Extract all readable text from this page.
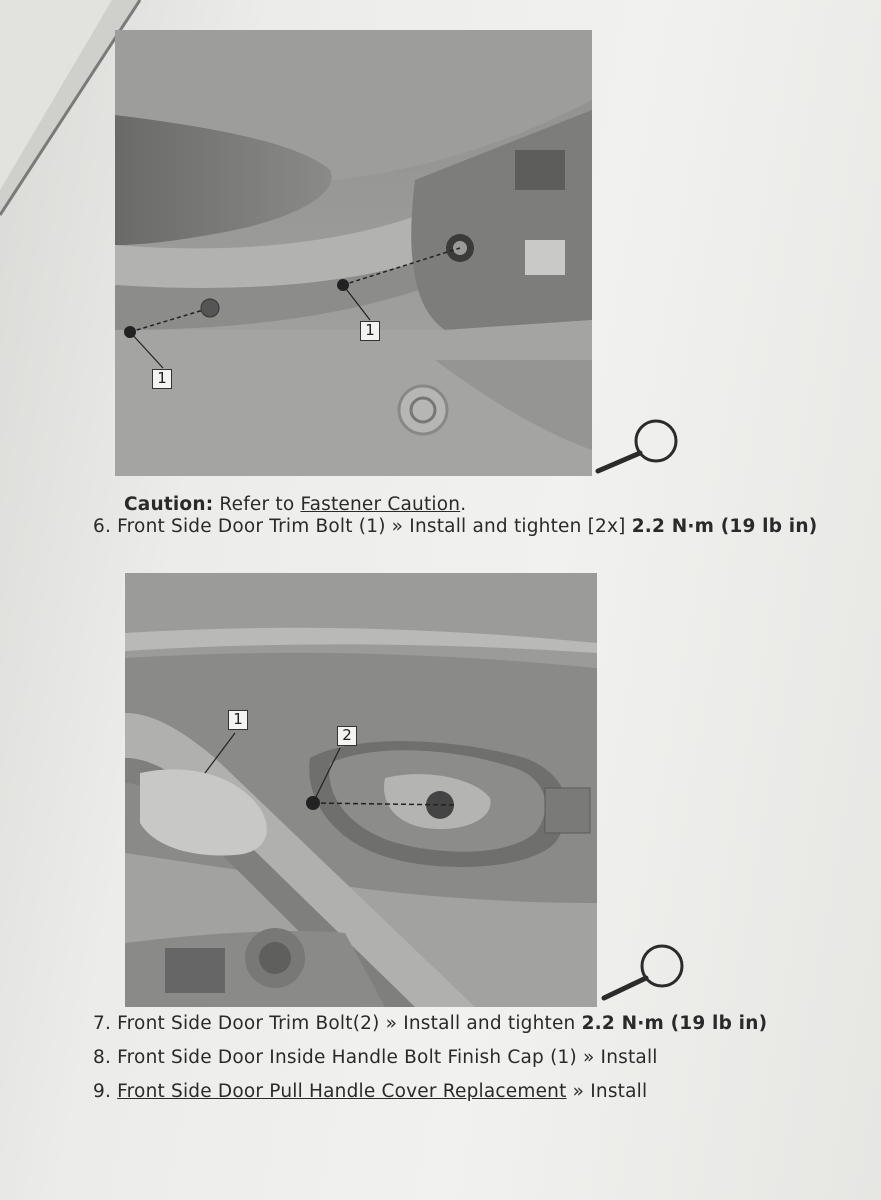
1
1
Caution: Refer to Fastener Caution.
6. Front Side Door Trim Bolt (1) » Install and tighten [2x] 2.2 N·m (19 lb in)
1
2
7. Front Side Door Trim Bolt(2) » Install and tighten 2.2 N·m (19 lb in)
8. Front Side Door Inside Handle Bolt Finish Cap (1) » Install
9. Front Side Door Pull Handle Cover Replacement » Install
